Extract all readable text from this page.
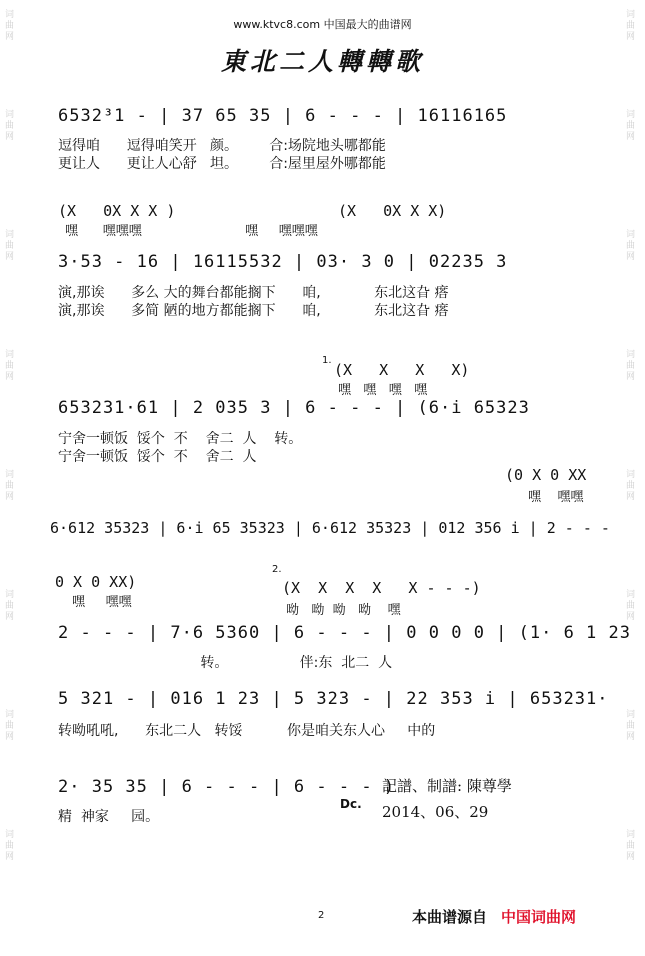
词曲网
词曲网
词曲网
词曲网
词曲网
词曲网
词曲网
词曲网
词曲网
词曲网
词曲网
词曲网
词曲网
词曲网
词曲网
词曲网
www.ktvc8.com 中国最大的曲谱网
東北二人轉轉歌
6532³1 - | 37 65 35 | 6 - - - | 16116165
逗得咱      逗得咱笑开   颜。       合:场院地头哪都能
更让人      更让人心舒   坦。       合:屋里屋外哪都能
(X   0X X X )                  (X   0X X X)
嘿      嘿嘿嘿                         嘿     嘿嘿嘿
3·53 - 16 | 16115532 | 03· 3 0 | 02235 3
演,那诶      多么 大的舞台都能搁下      咱,            东北这旮 瘩
演,那诶      多简 陋的地方都能搁下      咱,            东北这旮 瘩
1.
(X   X   X   X)
嘿   嘿   嘿   嘿
653231·61 | 2 035 3 | 6 - - - | (6·i 65323
宁舍一顿饭  馁个  不    舍二  人    转。
宁舍一顿饭  馁个  不    舍二  人
(0 X 0 XX
嘿    嘿嘿
6·612 35323 | 6·i 65 35323 | 6·612 35323 | 012 356 i | 2 - - -
0 X 0 XX)
嘿     嘿嘿
2.
(X  X  X  X   X - - -)
呦   呦  呦   呦    嘿
2 - - - | 7·6 5360 | 6 - - - | 0 0 0 0 | (1· 6 1 23
转。                伴:东  北二  人
5 321 - | 016 1 23 | 5 323 - | 22 353 i | 653231·
转呦吼吼,      东北二人   转馁          你是咱关东人心     中的
2· 35 35 | 6 - - - | 6 - - - )
精  神家     园。
Dc.
記譜、制譜: 陳尊學
2014、06、29
2	本曲谱源自 中国词曲网
